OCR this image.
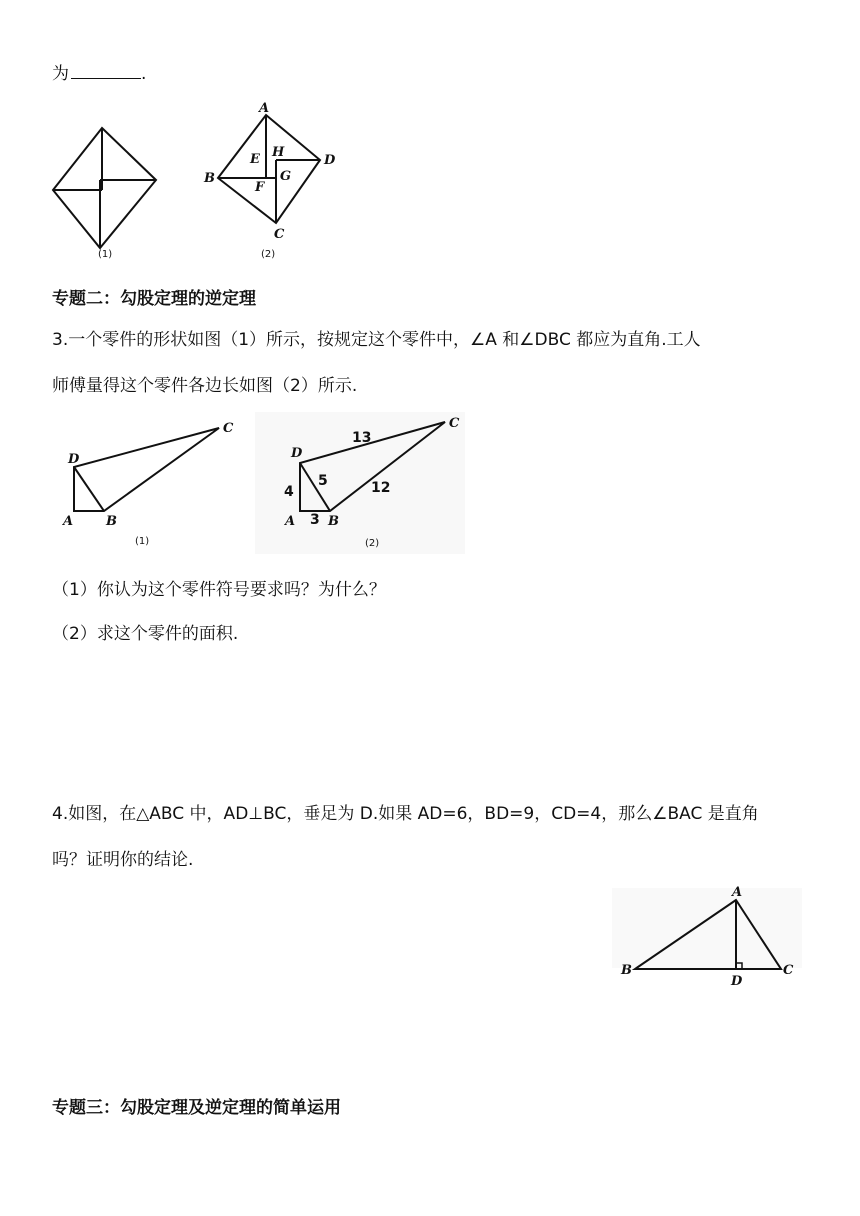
为	.
(1)
A
B
C
D
E H
F
G
(2)
专题二：勾股定理的逆定理
3.一个零件的形状如图（1）所示，按规定这个零件中，∠A 和∠DBC 都应为直角.工人
师傅量得这个零件各边长如图（2）所示.
C
D
A	B
(1)
C
D
A	B
13
5
4
3
12
(2)
（1）你认为这个零件符号要求吗？为什么？
（2）求这个零件的面积.
4.如图，在△ABC 中，AD⊥BC，垂足为 D.如果 AD=6，BD=9，CD=4，那么∠BAC 是直角
吗？证明你的结论.
A
B	C
D
专题三：勾股定理及逆定理的简单运用
